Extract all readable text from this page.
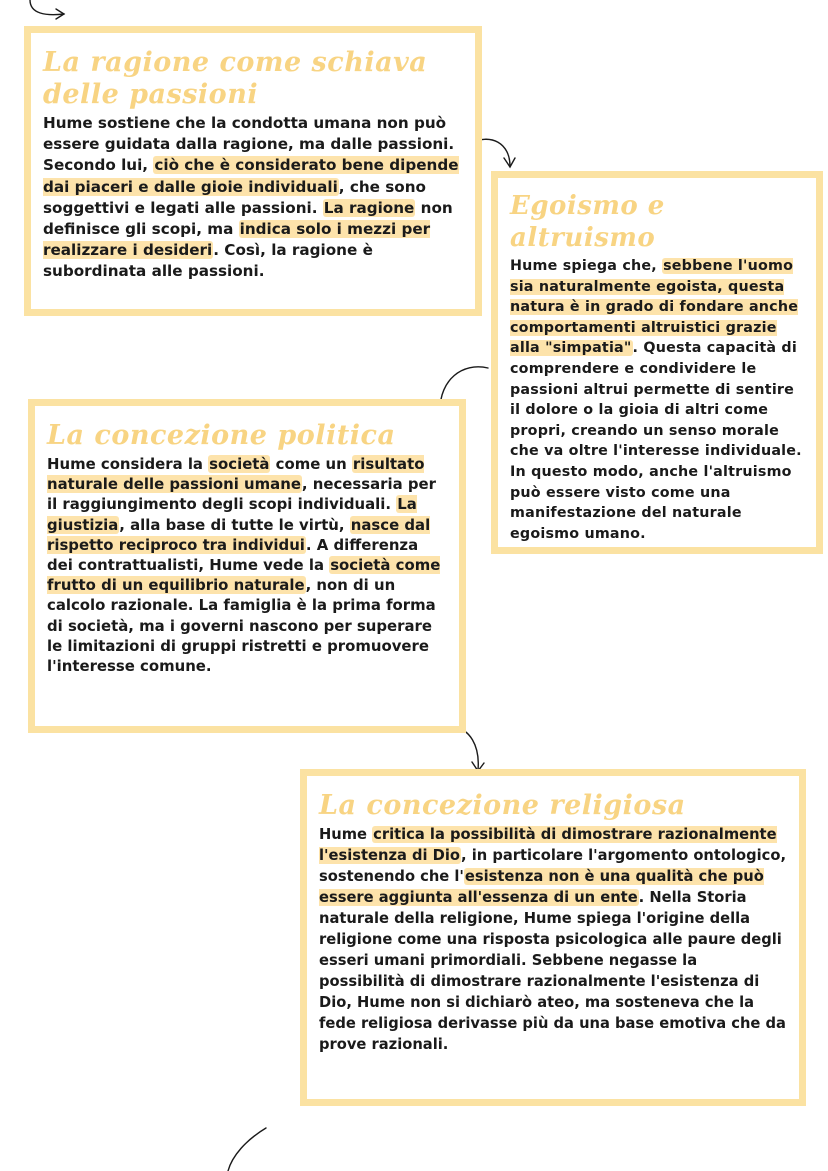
La ragione come schiava delle passioni

Hume sostiene che la condotta umana non può essere guidata dalla ragione, ma dalle passioni. Secondo lui, ciò che è considerato bene dipende dai piaceri e dalle gioie individuali, che sono soggettivi e legati alle passioni. La ragione non definisce gli scopi, ma indica solo i mezzi per realizzare i desideri. Così, la ragione è subordinata alle passioni.

Egoismo e altruismo

Hume spiega che, sebbene l'uomo sia naturalmente egoista, questa natura è in grado di fondare anche comportamenti altruistici grazie alla "simpatia". Questa capacità di comprendere e condividere le passioni altrui permette di sentire il dolore o la gioia di altri come propri, creando un senso morale che va oltre l'interesse individuale. In questo modo, anche l'altruismo può essere visto come una manifestazione del naturale egoismo umano.

La concezione politica

Hume considera la società come un risultato naturale delle passioni umane, necessaria per il raggiungimento degli scopi individuali. La giustizia, alla base di tutte le virtù, nasce dal rispetto reciproco tra individui. A differenza dei contrattualisti, Hume vede la società come frutto di un equilibrio naturale, non di un calcolo razionale. La famiglia è la prima forma di società, ma i governi nascono per superare le limitazioni di gruppi ristretti e promuovere l'interesse comune.

La concezione religiosa

Hume critica la possibilità di dimostrare razionalmente l'esistenza di Dio, in particolare l'argomento ontologico, sostenendo che l'esistenza non è una qualità che può essere aggiunta all'essenza di un ente. Nella Storia naturale della religione, Hume spiega l'origine della religione come una risposta psicologica alle paure degli esseri umani primordiali. Sebbene negasse la possibilità di dimostrare razionalmente l'esistenza di Dio, Hume non si dichiarò ateo, ma sosteneva che la fede religiosa derivasse più da una base emotiva che da prove razionali.
